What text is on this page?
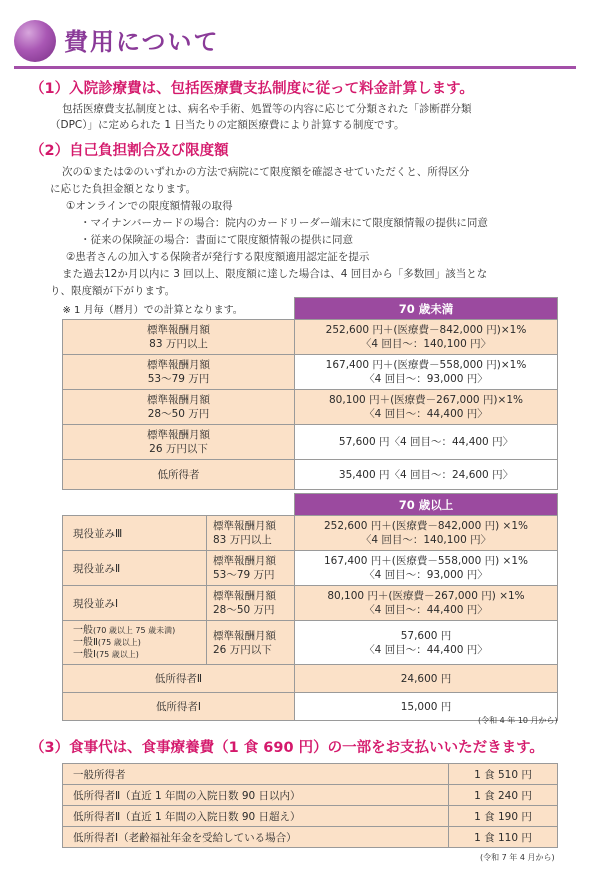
費用について
（1）入院診療費は、包括医療費支払制度に従って料金計算します。
包括医療費支払制度とは、病名や手術、処置等の内容に応じて分類された「診断群分類
（DPC）」に定められた 1 日当たりの定額医療費により計算する制度です。
（2）自己負担割合及び限度額
次の①または②のいずれかの方法で病院にて限度額を確認させていただくと、所得区分
に応じた負担金額となります。
①オンラインでの限度額情報の取得
・マイナンバーカードの場合：院内のカードリーダー端末にて限度額情報の提供に同意
・従来の保険証の場合：書面にて限度額情報の提供に同意
②患者さんの加入する保険者が発行する限度額適用認定証を提示
また過去12か月以内に 3 回以上、限度額に達した場合は、4 回目から「多数回」該当とな
り、限度額が下がります。
※ 1 月毎（暦月）での計算となります。	70 歳未満
標準報酬月額
83 万円以上	252,600 円＋(医療費－842,000 円)×1%
〈4 回目～：140,100 円〉
標準報酬月額
53～79 万円	167,400 円＋(医療費－558,000 円)×1%
〈4 回目～：93,000 円〉
標準報酬月額
28～50 万円	80,100 円＋(医療費－267,000 円)×1%
〈4 回目～：44,400 円〉
標準報酬月額
26 万円以下	57,600 円〈4 回目～：44,400 円〉
低所得者	35,400 円〈4 回目～：24,600 円〉
		70 歳以上
現役並みⅢ	標準報酬月額
83 万円以上	252,600 円＋(医療費－842,000 円) ×1%
〈4 回目～：140,100 円〉
現役並みⅡ	標準報酬月額
53～79 万円	167,400 円＋(医療費－558,000 円) ×1%
〈4 回目～：93,000 円〉
現役並みⅠ	標準報酬月額
28～50 万円	80,100 円＋(医療費－267,000 円) ×1%
〈4 回目～：44,400 円〉
一般(70 歳以上 75 歳未満)
一般Ⅱ(75 歳以上)
一般Ⅰ(75 歳以上)	標準報酬月額
26 万円以下	57,600 円
〈4 回目～：44,400 円〉
低所得者Ⅱ		24,600 円
低所得者Ⅰ		15,000 円
(令和 4 年 10 月から)
（3）食事代は、食事療養費（1 食 690 円）の一部をお支払いいただきます。
一般所得者	1 食 510 円
低所得者Ⅱ（直近 1 年間の入院日数 90 日以内）	1 食 240 円
低所得者Ⅱ（直近 1 年間の入院日数 90 日超え）	1 食 190 円
低所得者Ⅰ（老齢福祉年金を受給している場合）	1 食 110 円
(令和 7 年 4 月から)
